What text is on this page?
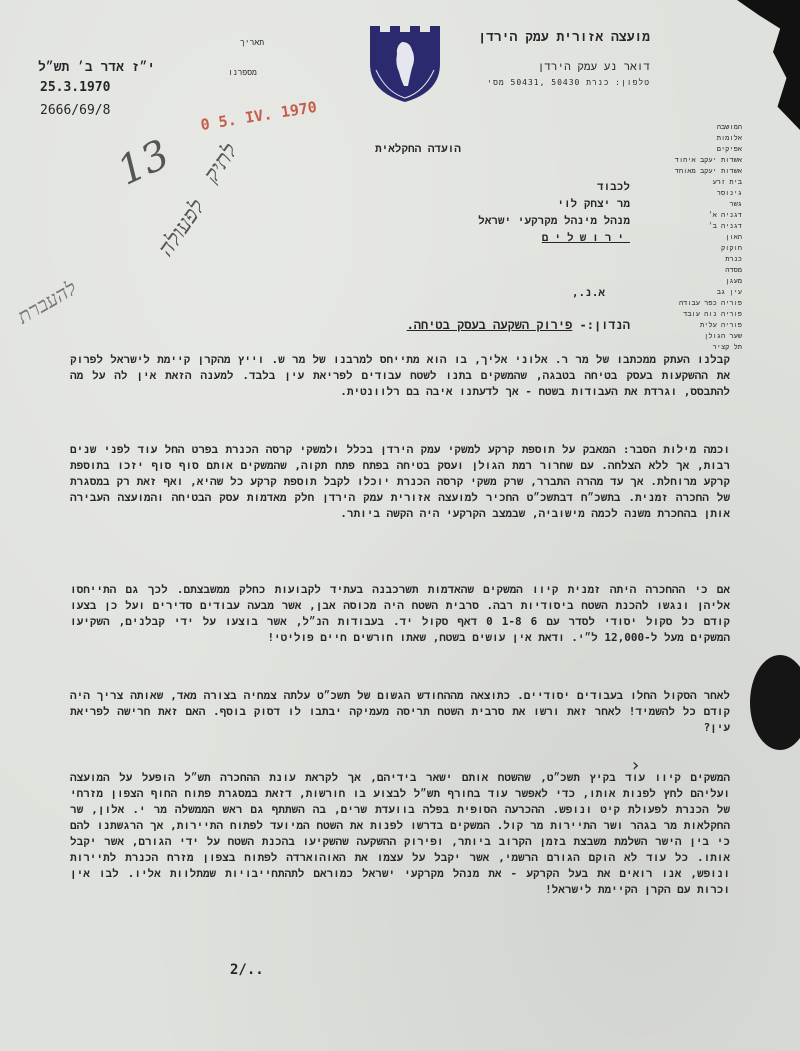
מועצה אזורית עמק הירדן
דואר נע עמק הירדן
טלפון: כנרת 50430 ,50431 מסי
תאריך
מספרנו
י״ז אדר ב׳ תש״ל
25.3.1970
2666/69/8	0 5. IV. 1970
13 לתיק
לפעולה
להעברת
הועדה החקלאית
המושבה
אלומות
אפיקים
אשדות יעקב איחוד
אשדות יעקב מאוחד
בית זרע
גינוסר
גשר
דגניה א׳
דגניה ב׳
האון
חוקוק
כנרת
מסדה
מעגן
עין גב
פוריה כפר עבודה
פוריה נוה עובד
פוריה עלית
שער הגולן
תל קציר
לכבוד
מר יצחק לוי
מנהל מינהל מקרקעי ישראל
ירושלים
א.נ.,
הנדון:- פירוק השקעה בעסק בטיחה.
קבלנו העתק ממכתבו של מר ר. אלוני אליך, בו הוא מתייחס למרבנו של מר ש. וייץ מהקרן קיימת לישראל לפרוק את ההשקעות בעסק בטיחה בטבגה, שהמשקים בתנו לשטח עבודים לפריאת עין בלבד. למענה הזאת אין לה על מה להתבסס, וגרדת את העבודות בשטח - אך לדעתנו איבה בם רלוונטית.
וכמה מילות הסבר: המאבק על תוספת קרקע למשקי עמק הירדן בכלל ולמשקי קרסה הכנרת בפרט החל עוד לפני שנים רבות, אך ללא הצלחה. עם שחרור רמת הגולן ועסק בטיחה בפתח פתח תקוה, שהמשקים אותם סוף סוף יזכו בתוספת קרקע מרוחלת. אך עד מהרה התברר, שרק משקי קרסה הכנרת יוכלו לקבל תוספת קרקע כל שהיא, ואף זאת רק במסגרת של החכרה זמנית. בתשכ״ח דבתשכ״ט החכיר למועצה אזורית עמק הירדן חלק מאדמות עסק הבטיחה והמועצה העבירה אותן בהחכרת משנה לכמה מישוביה, שבמצב הקרקעי היה הקשה ביותר.
אם כי ההחכרה היתה זמנית קיוו המשקים שהאדמות תשרכבנה בעתיד לקבועות כחלק ממשבצתם. לכך גם התייחסו אליהן ונגשו להכנת השטח ביסודיות רבה. סרבית השטח היה מכוסה אבן, אשר מבעה עבודים סדירים ועל כן בצעו קודם כל סקול יסודי לסדר עם 6 1-8 0 דאף סקול יד. בעבודות הנ״ל, אשר בוצעו על ידי קבלנים, השקיעו המשקים מעל ל-12,000 ל״י. ודאת אין עושים בשטח, שאתו חורשים חיים פוליטי!
לאחר הסקול החלו בעבודים יסודיים. כתוצאה מההחודש הגשום של תשכ״ט עלתה צמחיה בצורה מאד, שאותה צריך היה קודם כל להשמיד! לאחר זאת ורשו את סרבית השטח תריסה מעמיקה יבתבו לו דסוק בוסף. האם זאת חרישה לפריאת עין?
המשקים קיוו עוד בקיץ תשכ״ט, שהשטח אותם ישאר בידיהם, אך לקראת עונת ההחכרה תש״ל הופעל על המועצה ועליהם לחץ לפנות אותו, כדי לאפשר עוד בחורף תש״ל לבצוע בו חורשות, דזאת במסגרת פתוח החוף הצפון מזרחי של הכנרת לפעולת קיט ונופש. ההכרעה הסופית בפלה בוועדת שרים, בה השתתף גם ראש הממשלה מר י. אלון, שר החקלאות מר בגהר ושר התיירות מר קול. המשקים בדרשו לפנות את השטח המיועד לפתוח התיירות, אך הרגשתנו להם כי בין הישר השלמת משבצת בזמן הקרוב ביותר, ופירוק ההשקעה שהשקיעו בהכנת השטח על ידי הגורם, אשר יקבל אותו. כל עוד לא הוקם הגורם הרשמי, אשר יקבל על עצמו את האוהוארדה לפתוח בצפון מזרח הכנרת לתיירות ונופש, אנו רואים את בעל הקרקע - את מנהל מקרקעי ישראל כמוראם לתהתחייבויות שמתלוות אליו. לבו אין וכרות עם הקרן הקיימת לישראל!
›
2/..
